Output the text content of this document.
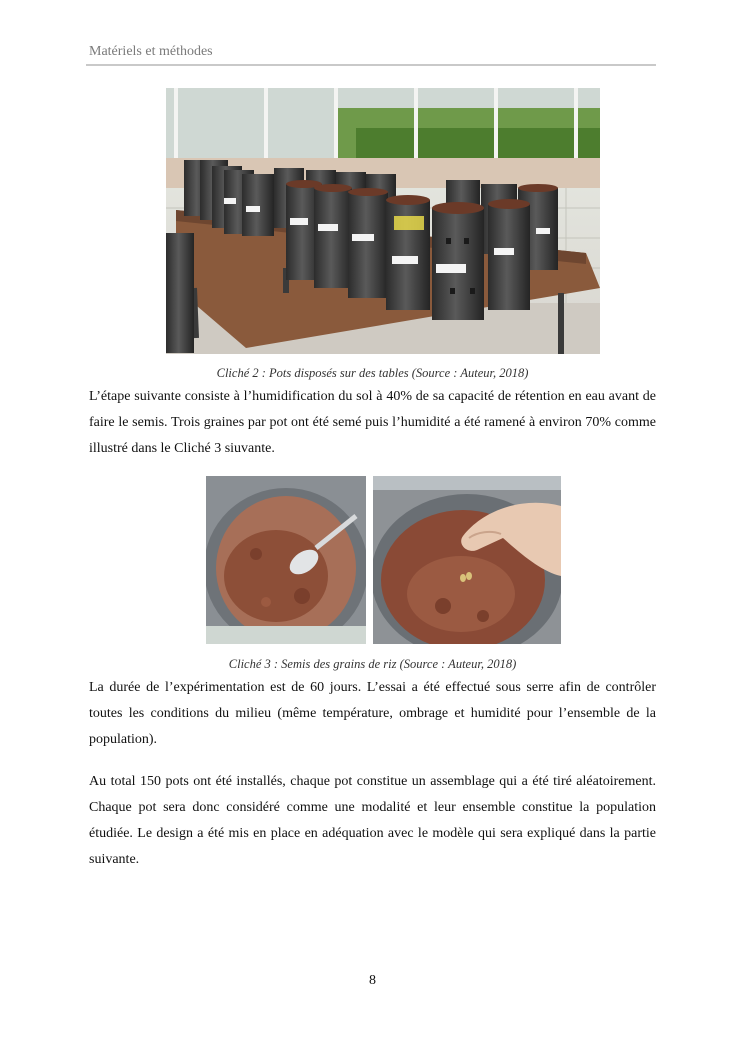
Matériels et méthodes
Cliché 2 : Pots disposés sur des tables (Source : Auteur, 2018)

L’étape suivante consiste à l’humidification du sol à 40% de sa capacité de rétention en eau avant de faire le semis. Trois graines par pot ont été semé puis l’humidité a été ramené à environ 70% comme illustré dans le Cliché 3 siuvante.

Cliché 3 : Semis des grains de riz (Source : Auteur, 2018)

La durée de l’expérimentation est de 60 jours. L’essai a été effectué sous serre afin de contrôler toutes les conditions du milieu (même température, ombrage et humidité pour l’ensemble de la population).

Au total 150 pots ont été installés, chaque pot constitue un assemblage qui a été tiré aléatoirement. Chaque pot sera donc considéré comme une modalité et leur ensemble constitue la population étudiée. Le design a été mis en place en adéquation avec le modèle qui sera expliqué dans la partie suivante.

8
